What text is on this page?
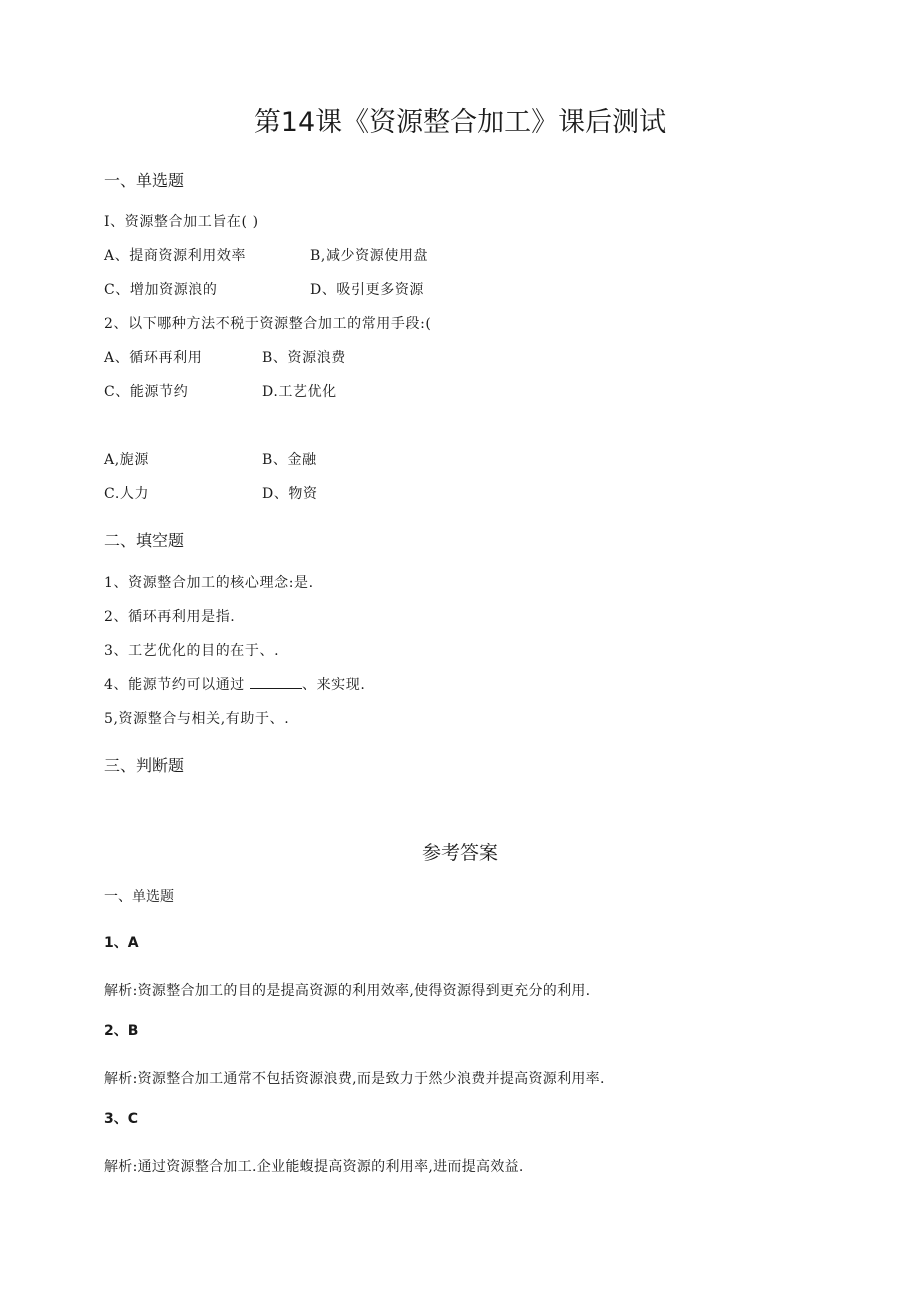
第14课《资源整合加工》课后测试
一、单选题
I、资源整合加工旨在( )
A、提商资源利用效率	B,减少资源使用盘
C、增加资源浪的	D、吸引更多资源
2、以下哪种方法不税于资源整合加工的常用手段:(
A、循环再利用	B、资源浪费
C、能源节约	D.工艺优化
A,旎源	B、金融
C.人力	D、物资
二、填空题
1、资源整合加工的核心理念:是.
2、循环再利用是指.
3、工艺优化的目的在于、.
4、能源节约可以通过	、来实现.
5,资源整合与相关,有助于、.
三、判断题
参考答案
一、单选题
1、A
解析:资源整合加工的目的是提高资源的利用效率,使得资源得到更充分的利用.
2、B
解析:资源整合加工通常不包括资源浪费,而是致力于然少浪费并提高资源利用率.
3、C
解析:通过资源整合加工.企业能蝮提高资源的利用率,进而提高效益.
